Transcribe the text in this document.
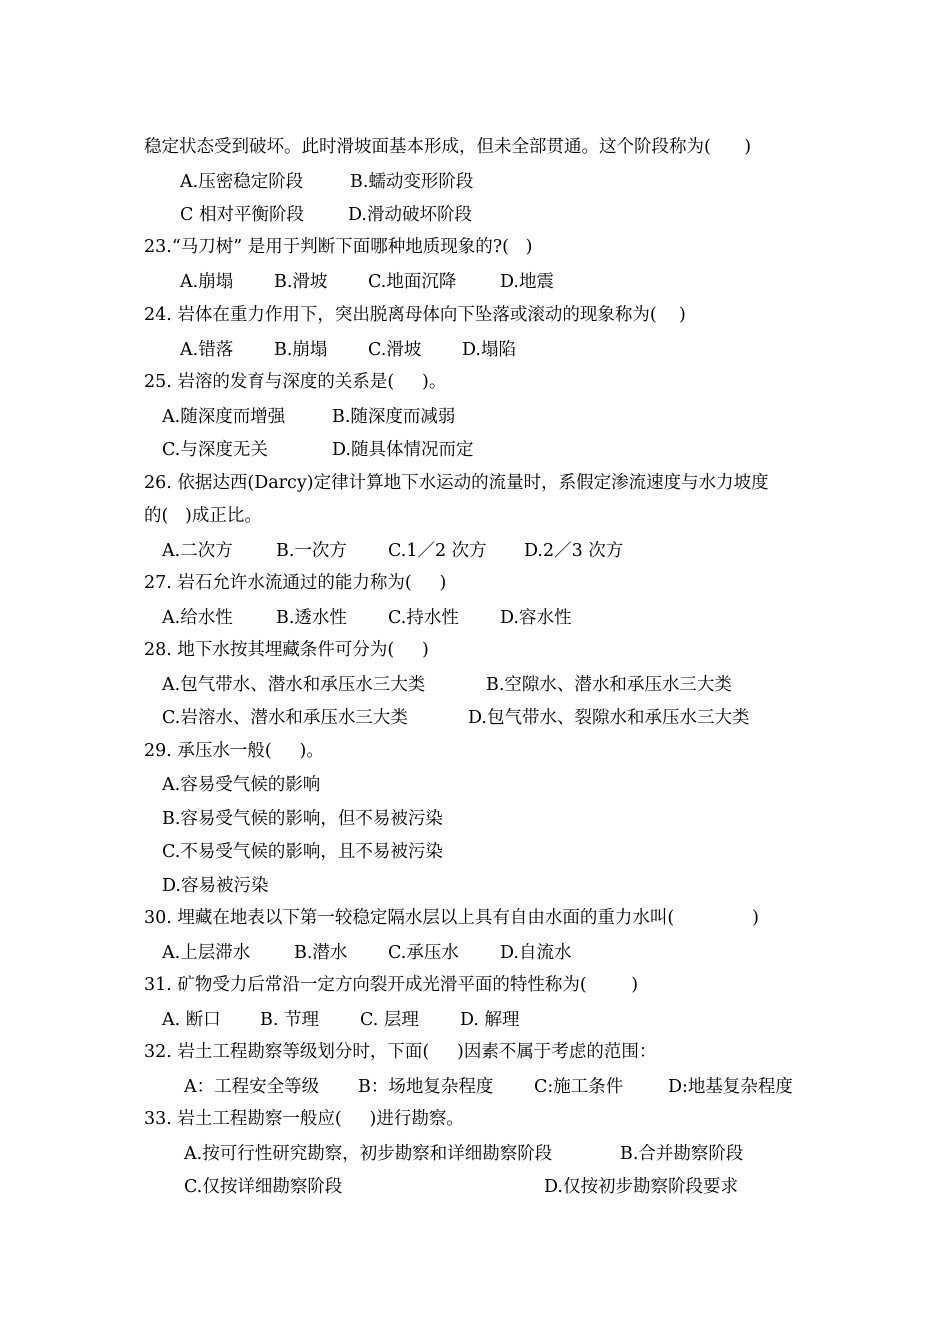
稳定状态受到破坏。此时滑坡面基本形成，但未全部贯通。这个阶段称为(      )
A.压密稳定阶段	B.蠕动变形阶段
C 相对平衡阶段	D.滑动破坏阶段
23.“马刀树” 是用于判断下面哪种地质现象的?(   )
A.崩塌 B.滑坡 C.地面沉降 D.地震
24. 岩体在重力作用下，突出脱离母体向下坠落或滚动的现象称为(    )
A.错落 B.崩塌 C.滑坡 D.塌陷
25. 岩溶的发育与深度的关系是(     )。
A.随深度而增强	B.随深度而减弱
C.与深度无关	D.随具体情况而定
26. 依据达西(Darcy)定律计算地下水运动的流量时，系假定渗流速度与水力坡度
的(   )成正比。
A.二次方 B.一次方 C.1／2 次方 D.2／3 次方
27. 岩石允许水流通过的能力称为(     )
A.给水性 B.透水性 C.持水性 D.容水性
28. 地下水按其埋藏条件可分为(     )
A.包气带水、潜水和承压水三大类	B.空隙水、潜水和承压水三大类
C.岩溶水、潜水和承压水三大类	D.包气带水、裂隙水和承压水三大类
29. 承压水一般(     )。
A.容易受气候的影响
B.容易受气候的影响，但不易被污染
C.不易受气候的影响，且不易被污染
D.容易被污染
30. 埋藏在地表以下第一较稳定隔水层以上具有自由水面的重力水叫(              )
A.上层滞水	B.潜水 C.承压水 D.自流水
31. 矿物受力后常沿一定方向裂开成光滑平面的特性称为(        )
A. 断口 B. 节理 C. 层理 D. 解理
32. 岩土工程勘察等级划分时，下面(     )因素不属于考虑的范围：
A：工程安全等级 B：场地复杂程度 C:施工条件	D:地基复杂程度
33. 岩土工程勘察一般应(     )进行勘察。
A.按可行性研究勘察，初步勘察和详细勘察阶段	B.合并勘察阶段
C.仅按详细勘察阶段	D.仅按初步勘察阶段要求
